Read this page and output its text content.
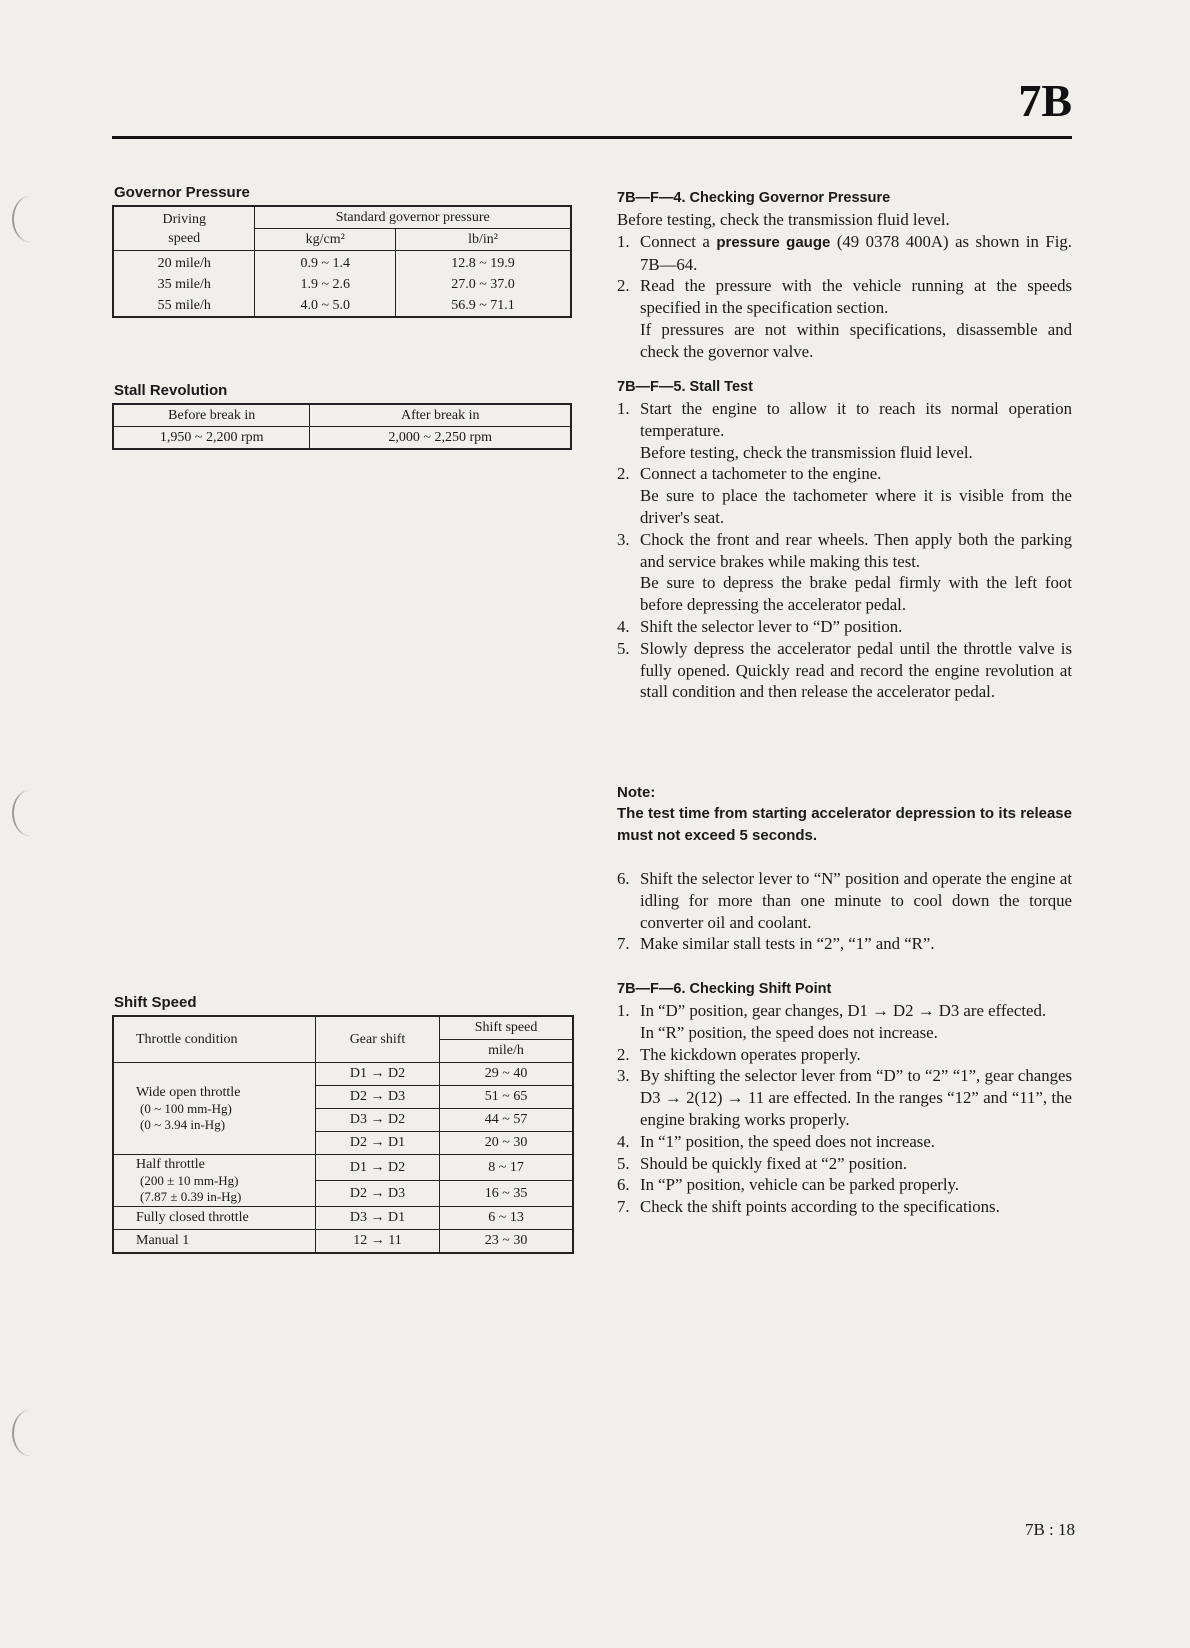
7B
Governor Pressure
Driving
speed	Standard governor pressure	
	kg/cm²	lb/in²
20 mile/h	0.9 ~ 1.4	12.8 ~ 19.9
35 mile/h	1.9 ~ 2.6	27.0 ~ 37.0
55 mile/h	4.0 ~ 5.0	56.9 ~ 71.1
Stall Revolution
Before break in	After break in
1,950 ~ 2,200 rpm	2,000 ~ 2,250 rpm
Shift Speed
Throttle condition	Gear shift	Shift speed
		mile/h

Wide open throttle
(0 ~ 100 mm-Hg)
(0 ~ 3.94 in-Hg)	D1 → D2	29 ~ 40
	D2 → D3	51 ~ 65
	D3 → D2	44 ~ 57
	D2 → D1	20 ~ 30

Half throttle
(200 ± 10 mm-Hg)
(7.87 ± 0.39 in-Hg)	D1 → D2	8 ~ 17
	D2 → D3	16 ~ 35
Fully closed throttle	D3 → D1	6 ~ 13
Manual 1	12 → 11	23 ~ 30
7B—F—4. Checking Governor Pressure

Before testing, check the transmission fluid level.

1. Connect a pressure gauge (49 0378 400A) as shown in Fig. 7B—64.
2. Read the pressure with the vehicle running at the speeds specified in the specification section.
If pressures are not within specifications, disassemble and check the governor valve.
7B—F—5. Stall Test
1. Start the engine to allow it to reach its normal operation temperature.
Before testing, check the transmission fluid level.
2. Connect a tachometer to the engine.
Be sure to place the tachometer where it is visible from the driver's seat.
3. Chock the front and rear wheels. Then apply both the parking and service brakes while making this test.
Be sure to depress the brake pedal firmly with the left foot before depressing the accelerator pedal.
4. Shift the selector lever to “D” position.
5. Slowly depress the accelerator pedal until the throttle valve is fully opened. Quickly read and record the engine revolution at stall condition and then release the accelerator pedal.
Note:

The test time from starting accelerator depression to its release must not exceed 5 seconds.

6. Shift the selector lever to “N” position and operate the engine at idling for more than one minute to cool down the torque converter oil and coolant.
7. Make similar stall tests in “2”, “1” and “R”.
7B—F—6. Checking Shift Point
1. In “D” position, gear changes, D1 → D2 → D3 are effected.
In “R” position, the speed does not increase.
2. The kickdown operates properly.
3. By shifting the selector lever from “D” to “2” “1”, gear changes D3 → 2(12) → 11 are effected. In the ranges “12” and “11”, the engine braking works properly.
4. In “1” position, the speed does not increase.
5. Should be quickly fixed at “2” position.
6. In “P” position, vehicle can be parked properly.
7. Check the shift points according to the specifications.
7B : 18
